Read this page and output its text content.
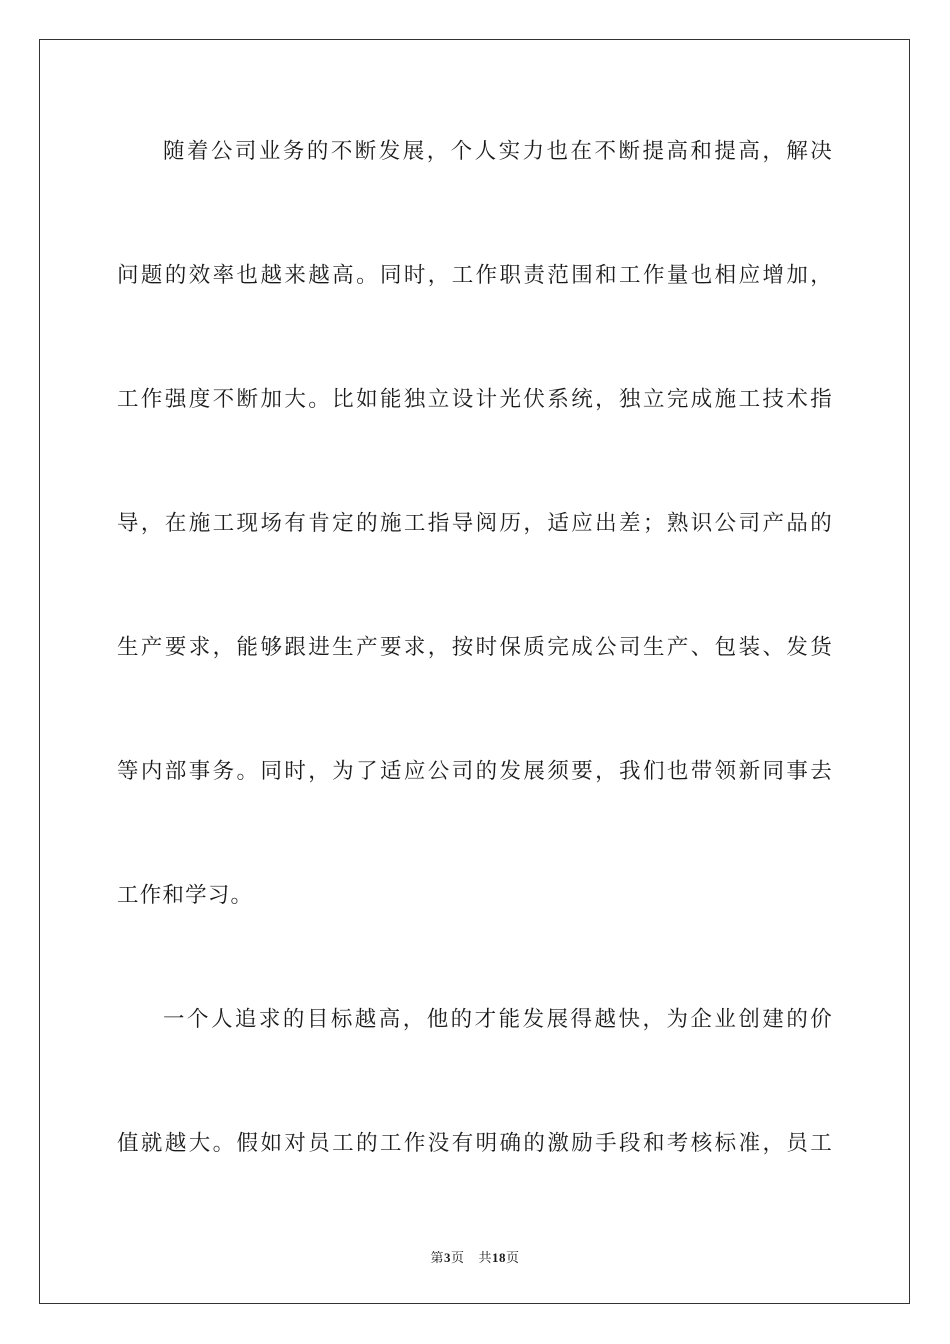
随着公司业务的不断发展，个人实力也在不断提高和提高，解决
问题的效率也越来越高。同时，工作职责范围和工作量也相应增加，
工作强度不断加大。比如能独立设计光伏系统，独立完成施工技术指
导，在施工现场有肯定的施工指导阅历，适应出差；熟识公司产品的
生产要求，能够跟进生产要求，按时保质完成公司生产、包装、发货
等内部事务。同时，为了适应公司的发展须要，我们也带领新同事去
工作和学习。
一个人追求的目标越高，他的才能发展得越快，为企业创建的价
值就越大。假如对员工的工作没有明确的激励手段和考核标准，员工
第3页 共18页
